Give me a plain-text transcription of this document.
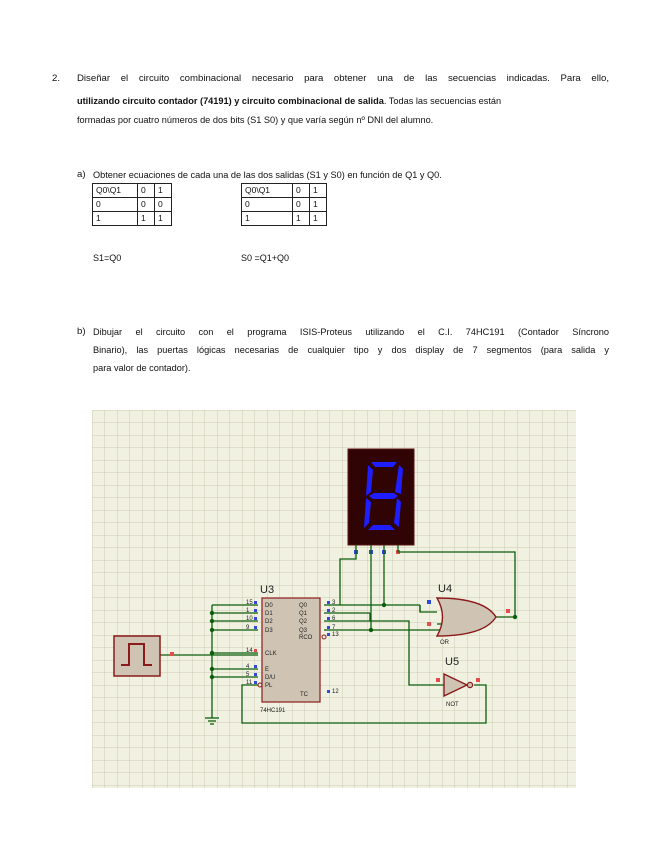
2. Diseñar el circuito combinacional necesario para obtener una de las secuencias indicadas. Para ello,
utilizando circuito contador (74191) y circuito combinacional de salida. Todas las secuencias están
formadas por cuatro números de dos bits (S1 S0) y que varía según nº DNI del alumno.
a) Obtener ecuaciones de cada una de las dos salidas (S1 y S0) en función de Q1 y Q0.
Q0\Q1	0	1
0	0	0
1	1	1
Q0\Q1	0	1
0	0	1
1	1	1
S1=Q0	S0 =Q1+Q0
b) Dibujar el circuito con el programa ISIS-Proteus utilizando el C.I. 74HC191 (Contador Síncrono
Binario), las puertas lógicas necesarias de cualquier tipo y dos display de 7 segmentos (para salida y
para valor de contador).
U3
74HC191
D0
15
D1
1
D2
10
D3
9
CLK
14
E
4
D/U
5
PL
11
Q0	3
Q1	2
Q2	6
Q3	7
RCO	13
TC	12
U4
OR
U5
NOT
